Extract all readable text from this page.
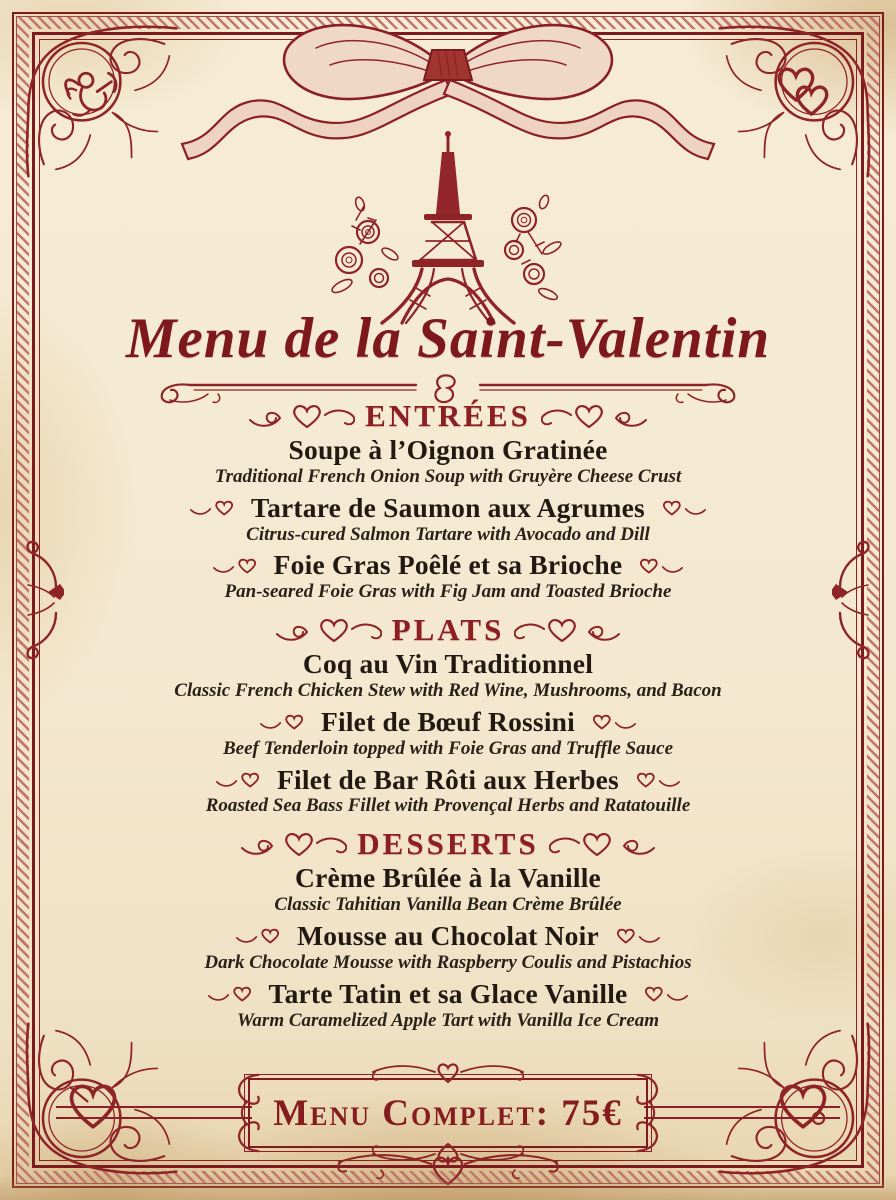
Menu de la Saint-Valentin
ENTRÉES
Soupe à l’Oignon Gratinée
Traditional French Onion Soup with Gruyère Cheese Crust
Tartare de Saumon aux Agrumes
Citrus-cured Salmon Tartare with Avocado and Dill
Foie Gras Poêlé et sa Brioche
Pan-seared Foie Gras with Fig Jam and Toasted Brioche
PLATS
Coq au Vin Traditionnel
Classic French Chicken Stew with Red Wine, Mushrooms, and Bacon
Filet de Bœuf Rossini
Beef Tenderloin topped with Foie Gras and Truffle Sauce
Filet de Bar Rôti aux Herbes
Roasted Sea Bass Fillet with Provençal Herbs and Ratatouille
DESSERTS
Crème Brûlée à la Vanille
Classic Tahitian Vanilla Bean Crème Brûlée
Mousse au Chocolat Noir
Dark Chocolate Mousse with Raspberry Coulis and Pistachios
Tarte Tatin et sa Glace Vanille
Warm Caramelized Apple Tart with Vanilla Ice Cream
Menu Complet: 75€
